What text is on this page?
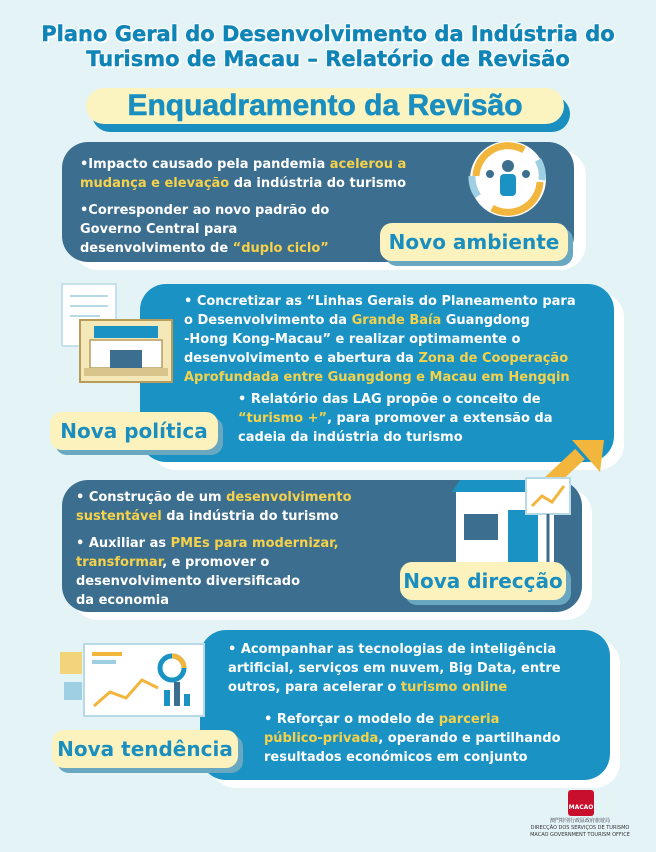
Plano Geral do Desenvolvimento da Indústria do
Turismo de Macau – Relatório de Revisão
Enquadramento da Revisão
•Impacto causado pela pandemia acelerou a
mudança e elevação da indústria do turismo
•Corresponder ao novo padrão do
Governo Central para
desenvolvimento de “duplo ciclo”	Novo ambiente
• Concretizar as “Linhas Gerais do Planeamento para
o Desenvolvimento da Grande Baía Guangdong
-Hong Kong-Macau” e realizar optimamente o
desenvolvimento e abertura da Zona de Cooperação
Aprofundada entre Guangdong e Macau em Hengqin
• Relatório das LAG propõe o conceito de
“turismo +”, para promover a extensão da
cadeia da indústria do turismo
Nova política
• Construção de um desenvolvimento
sustentável da indústria do turismo
• Auxiliar as PMEs para modernizar,
transformar, e promover o
desenvolvimento diversificado
da economia
Nova direcção
• Acompanhar as tecnologias de inteligência
artificial, serviços em nuvem, Big Data, entre
outros, para acelerar o turismo online
• Reforçar o modelo de parceria
público-privada, operando e partilhando
resultados económicos em conjunto
Nova tendência
MACAO
澳門特別行政區政府旅遊局
DIRECÇÃO DOS SERVIÇOS DE TURISMO
MACAO GOVERNMENT TOURISM OFFICE
